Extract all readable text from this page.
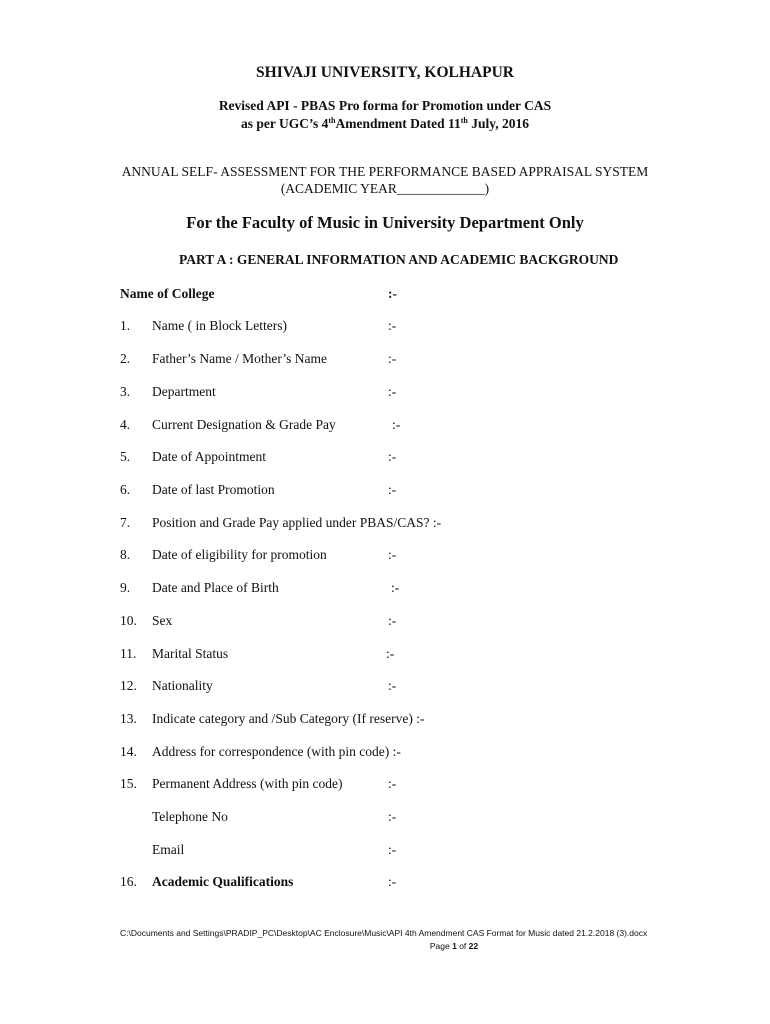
SHIVAJI UNIVERSITY, KOLHAPUR
Revised API - PBAS Pro forma for Promotion under CAS
as per UGC’s 4thAmendment Dated 11th July, 2016
ANNUAL SELF- ASSESSMENT FOR THE PERFORMANCE BASED APPRAISAL SYSTEM
(ACADEMIC YEAR_____________)
For the Faculty of Music in University Department Only
PART A : GENERAL INFORMATION AND ACADEMIC BACKGROUND
Name of College	:-
1. Name ( in Block Letters)	:-
2. Father’s Name / Mother’s Name	:-
3. Department	:-
4. Current Designation & Grade Pay	:-
5. Date of Appointment	:-
6. Date of last Promotion	:-
7. Position and Grade Pay applied under PBAS/CAS? :-
8. Date of eligibility for promotion	:-
9. Date and Place of Birth	:-
10. Sex	:-
11. Marital Status	:-
12. Nationality	:-
13. Indicate category and /Sub Category (If reserve) :-
14. Address for correspondence (with pin code) :-
15. Permanent Address (with pin code)	:-
Telephone No	:-
Email	:-
16. Academic Qualifications	:-
C:\Documents and Settings\PRADIP_PC\Desktop\AC Enclosure\Music\API 4th Amendment CAS Format for Music dated 21.2.2018 (3).docx
Page 1 of 22
